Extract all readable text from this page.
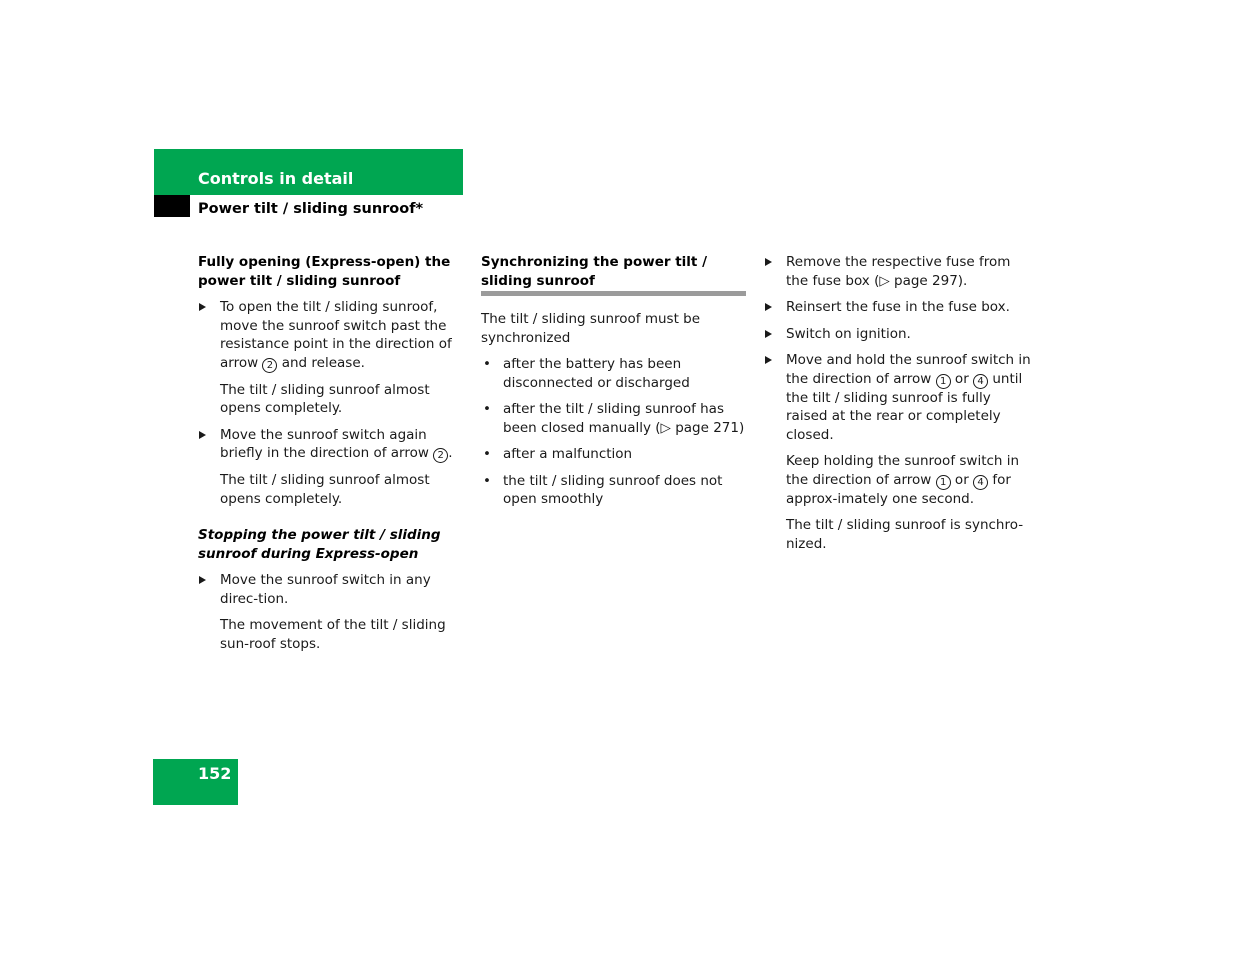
Controls in detail
Power tilt / sliding sunroof*
Fully opening (Express-open) the power tilt / sliding sunroof
To open the tilt / sliding sunroof, move the sunroof switch past the resistance point in the direction of arrow 2 and release.
The tilt / sliding sunroof almost opens completely.
Move the sunroof switch again briefly in the direction of arrow 2 .
The tilt / sliding sunroof almost opens completely.
Stopping the power tilt / sliding sunroof during Express-open
Move the sunroof switch in any direc-tion.
The movement of the tilt / sliding sun-roof stops.
Synchronizing the power tilt / sliding sunroof

The tilt / sliding sunroof must be synchronized

• after the battery has been disconnected or discharged
• after the tilt / sliding sunroof has been closed manually (▷ page 271)
• after a malfunction
• the tilt / sliding sunroof does not open smoothly
Remove the respective fuse from the fuse box (▷ page 297).
Reinsert the fuse in the fuse box.
Switch on ignition.
Move and hold the sunroof switch in the direction of arrow 1 or 4 until the tilt / sliding sunroof is fully raised at the rear or completely closed.
Keep holding the sunroof switch in the direction of arrow 1 or 4 for approx-imately one second.
The tilt / sliding sunroof is synchro-nized.
152
